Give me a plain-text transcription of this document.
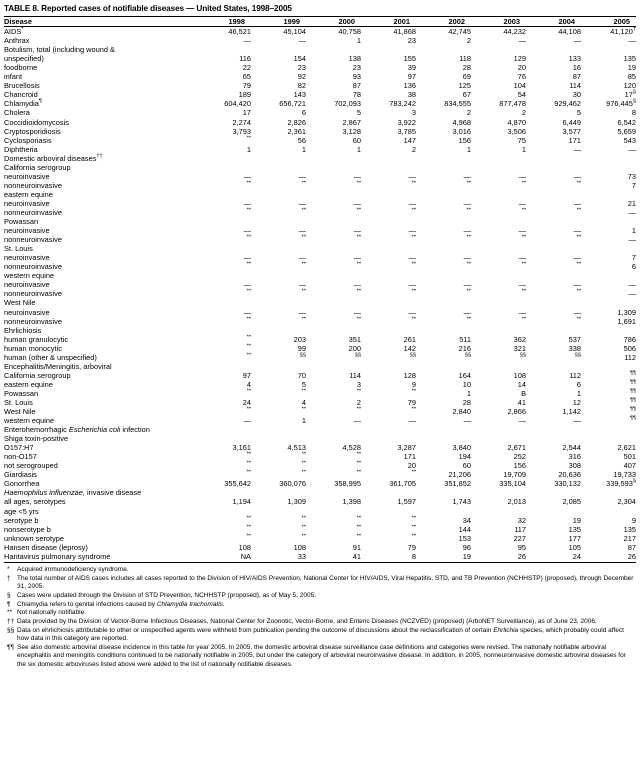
TABLE 8. Reported cases of notifiable diseases — United States, 1998–2005
Disease	1998	1999	2000	2001	2002	2003	2004	2005
AIDS*	46,521	45,104	40,758	41,868	42,745	44,232	44,108	41,120†
Anthrax	—	—	1	23	2	—	—	—
Botulism, total (including wound &								
unspecified)	116	154	138	155	118	129	133	135
foodborne	22	23	23	39	28	20	16	19
infant	65	92	93	97	69	76	87	85
Brucellosis	79	82	87	136	125	104	114	120
Chancroid	189	143	78	38	67	54	30	17§
Chlamydia¶	604,420	656,721	702,093	783,242	834,555	877,478	929,462	976,445§
Cholera	17	6	5	3	2	2	5	8
Coccidioidomycosis	2,274	2,826	2,867	3,922	4,968	4,870	6,449	6,542
Cryptosporidiosis	3,793	2,361	3,128	3,785	3,016	3,506	3,577	5,659
Cyclosporiasis	**	56	60	147	156	75	171	543
Diphtheria	1	1	1	2	1	1	—	—
Domestic arboviral diseases††								
California serogroup								
neuroinvasive	—	—	—	—	—	—	—	73
nonneuroinvasive	**	**	**	**	**	**	**	7
eastern equine								
neuroinvasive	—	—	—	—	—	—	—	21
nonneuroinvasive	**	**	**	**	**	**	**	—
Powassan								
neuroinvasive	—	—	—	—	—	—	—	1
nonneuroinvasive	**	**	**	**	**	**	**	—
St. Louis								
neuroinvasive	—	—	—	—	—	—	—	7
nonneuroinvasive	**	**	**	**	**	**	**	6
western equine								
neuroinvasive	—	—	—	—	—	—	—	—
nonneuroinvasive	**	**	**	**	**	**	**	—
West Nile								
neuroinvasive	—	—	—	—	—	—	—	1,309
nonneuroinvasive	**	**	**	**	**	**	**	1,691
Ehrlichiosis								
human granulocytic	**	203	351	261	511	362	537	786
human monocytic	**	99	200	142	216	321	338	506
human (other & unspecified)	**	§§	§§	§§	§§	§§	§§	112
Encephalitis/Meningitis, arboviral								
California serogroup	97	70	114	128	164	108	112	¶¶
eastern equine	4	5	3	9	10	14	6	¶¶
Powassan	**	**	**	**	1	B	1	¶¶
St. Louis	24	4	2	79	28	41	12	¶¶
West Nile	**	**	**	**	2,840	2,866	1,142	¶¶
western equine	—	1	—	—	—	—	—	¶¶
Enterohemorrhagic Escherichia coli infection								
Shiga toxin-positive								
O157:H7	3,161	4,513	4,528	3,287	3,840	2,671	2,544	2,621
non-O157	**	**	**	171	194	252	316	501
not serogrouped	**	**	**	20	60	156	308	407
Giardiasis	**	**	**	**	21,206	19,709	20,636	19,733
Gonorrhea	355,642	360,076	358,995	361,705	351,852	335,104	330,132	339,593§
Haemophilus influenzae, invasive disease								
all ages, serotypes	1,194	1,309	1,398	1,597	1,743	2,013	2,085	2,304
age <5 yrs								
serotype b	**	**	**	**	34	32	19	9
nonserotype b	**	**	**	**	144	117	135	135
unknown serotype	**	**	**	**	153	227	177	217
Hansen disease (leprosy)	108	108	91	79	96	95	105	87
Hantavirus pulmonary syndrome	NA	33	41	8	19	26	24	26

*	Acquired immunodeficiency syndrome.
† The total number of AIDS cases includes all cases reported to the Division of HIV/AIDS Prevention, National Center for HIV/AIDS, Viral Hepatitis, STD, and TB Prevention (NCHHSTP) (proposed), through December 31, 2005.
§ Cases were updated through the Division of STD Prevention, NCHHSTP (proposed), as of May 5, 2005.
¶	Chlamydia refers to genital infections caused by Chlamydia trachomatis.
** Not nationally notifiable.
†† Data provided by the Division of Vector-Borne Infectious Diseases, National Center for Zoonotic, Vector-Borne, and Enteric Diseases (NCZVED) (proposed) (ArboNET Surveillance), as of June 23, 2006.
§§ Data on ehrlichiosis attributable to other or unspecified agents were withheld from publication pending the outcome of discussions about the reclassification of certain Ehrlichia species, which probably could affect how data in this category are reported.
¶¶ See also domestic arboviral disease incidence in this table for year 2005. In 2005, the domestic arboviral disease surveillance case definitions and categories were revised. The nationally notifiable arboviral encephalitis and meningitis conditions continued to be nationally notifiable in 2005, but under the category of arboviral neuroinvasive disease. In addition, in 2005, nonneuroinvasive domestic arboviral diseases for the six domestic arboviruses listed above were added to the list of nationally notifiable diseases.
